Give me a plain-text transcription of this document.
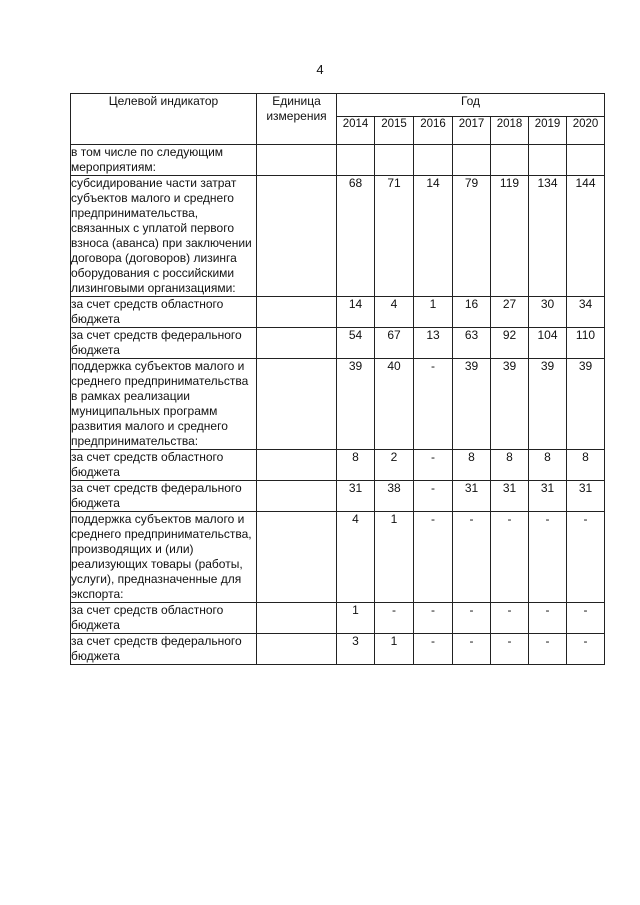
4
Целевой индикатор	Единица измерения	Год						
		2014	2015	2016	2017	2018	2019	2020
в том числе по следующим мероприятиям:								
субсидирование части затрат субъектов малого и среднего предпринимательства, связанных с уплатой первого взноса (аванса) при заключении договора (договоров) лизинга оборудования с российскими лизинговыми организациями:		68	71	14	79	119	134	144
за счет средств областного бюджета		14	4	1	16	27	30	34
за счет средств федерального бюджета		54	67	13	63	92	104	110
поддержка субъектов малого и среднего предпринимательства в рамках реализации муниципальных программ развития малого и среднего предпринимательства:		39	40	-	39	39	39	39
за счет средств областного бюджета		8	2	-	8	8	8	8
за счет средств федерального бюджета		31	38	-	31	31	31	31
поддержка субъектов малого и среднего предпринимательства, производящих и (или) реализующих товары (работы, услуги), предназначенные для экспорта:		4	1	-	-	-	-	-
за счет средств областного бюджета		1	-	-	-	-	-	-
за счет средств федерального бюджета		3	1	-	-	-	-	-
